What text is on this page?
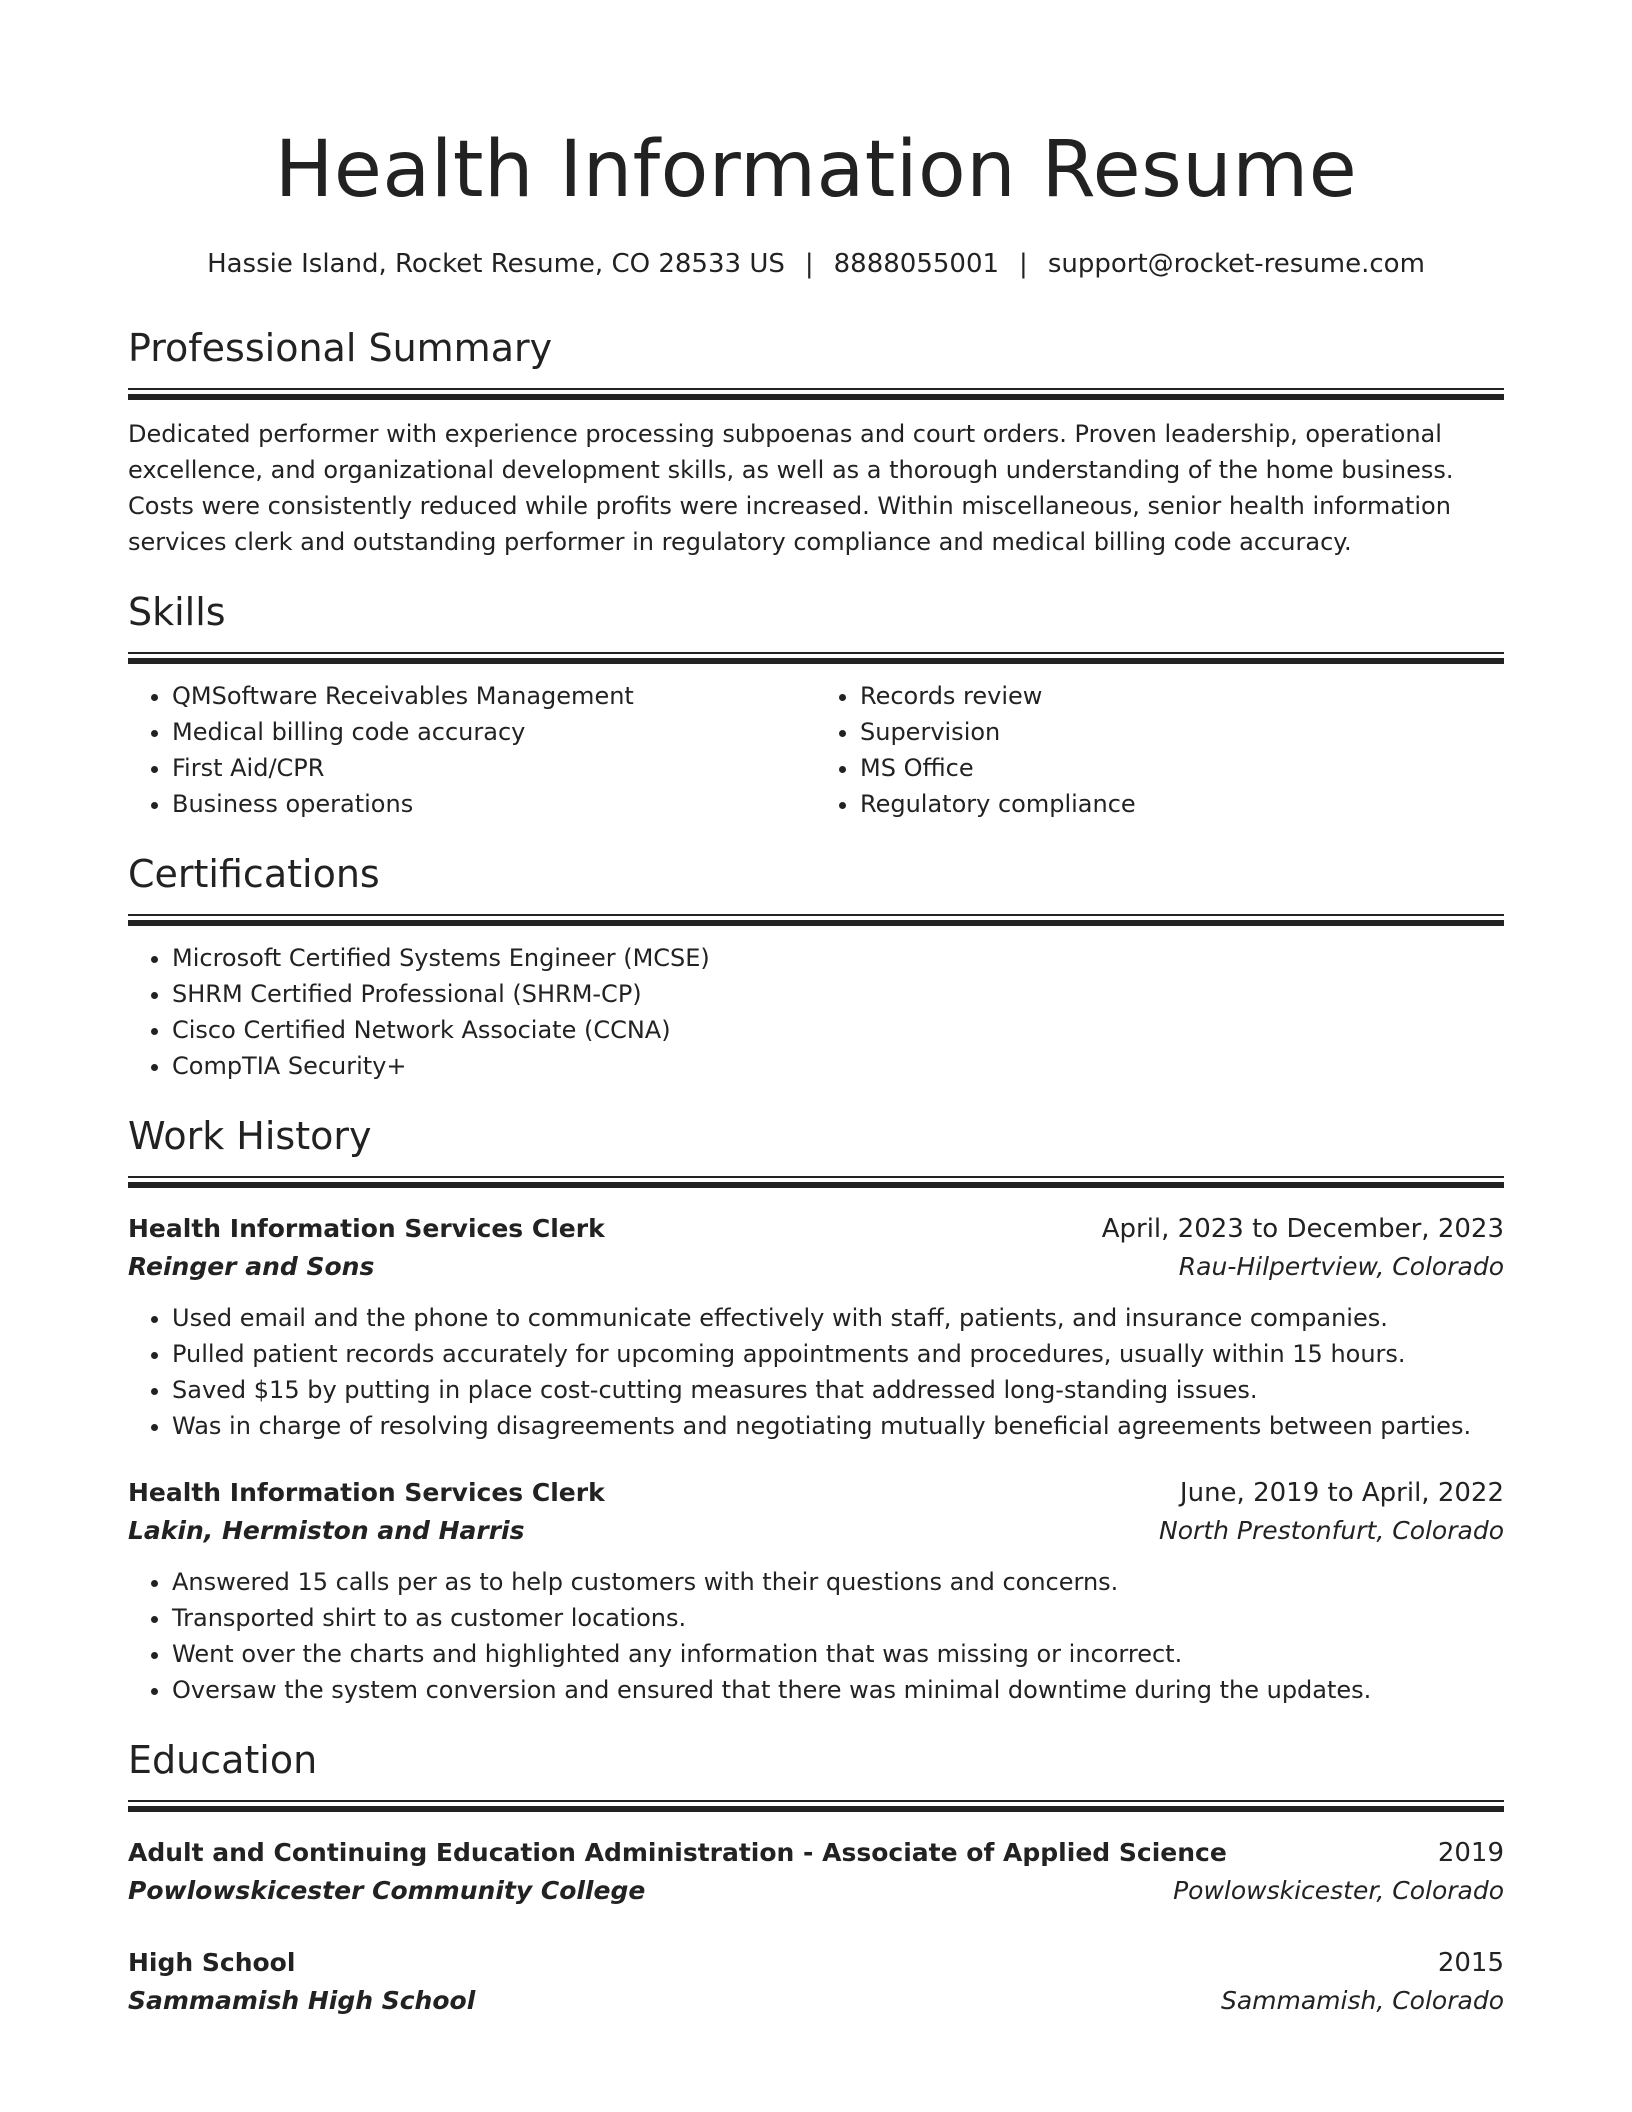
Health Information Resume
Hassie Island, Rocket Resume, CO 28533 US | 8888055001 | support@rocket-resume.com
Professional Summary
Dedicated performer with experience processing subpoenas and court orders. Proven leadership, operational excellence, and organizational development skills, as well as a thorough understanding of the home business. Costs were consistently reduced while profits were increased. Within miscellaneous, senior health information services clerk and outstanding performer in regulatory compliance and medical billing code accuracy.
Skills
• QMSoftware Receivables Management
• Medical billing code accuracy
• First Aid/CPR
• Business operations
• Records review
• Supervision
• MS Office
• Regulatory compliance
Certifications
• Microsoft Certified Systems Engineer (MCSE)
• SHRM Certified Professional (SHRM-CP)
• Cisco Certified Network Associate (CCNA)
• CompTIA Security+
Work History
Health Information Services Clerk	April, 2023 to December, 2023
Reinger and Sons	Rau-Hilpertview, Colorado
• Used email and the phone to communicate effectively with staff, patients, and insurance companies.
• Pulled patient records accurately for upcoming appointments and procedures, usually within 15 hours.
• Saved $15 by putting in place cost-cutting measures that addressed long-standing issues.
• Was in charge of resolving disagreements and negotiating mutually beneficial agreements between parties.
Health Information Services Clerk	June, 2019 to April, 2022
Lakin, Hermiston and Harris	North Prestonfurt, Colorado
• Answered 15 calls per as to help customers with their questions and concerns.
• Transported shirt to as customer locations.
• Went over the charts and highlighted any information that was missing or incorrect.
• Oversaw the system conversion and ensured that there was minimal downtime during the updates.
Education
Adult and Continuing Education Administration - Associate of Applied Science	2019
Powlowskicester Community College	Powlowskicester, Colorado
High School	2015
Sammamish High School	Sammamish, Colorado
